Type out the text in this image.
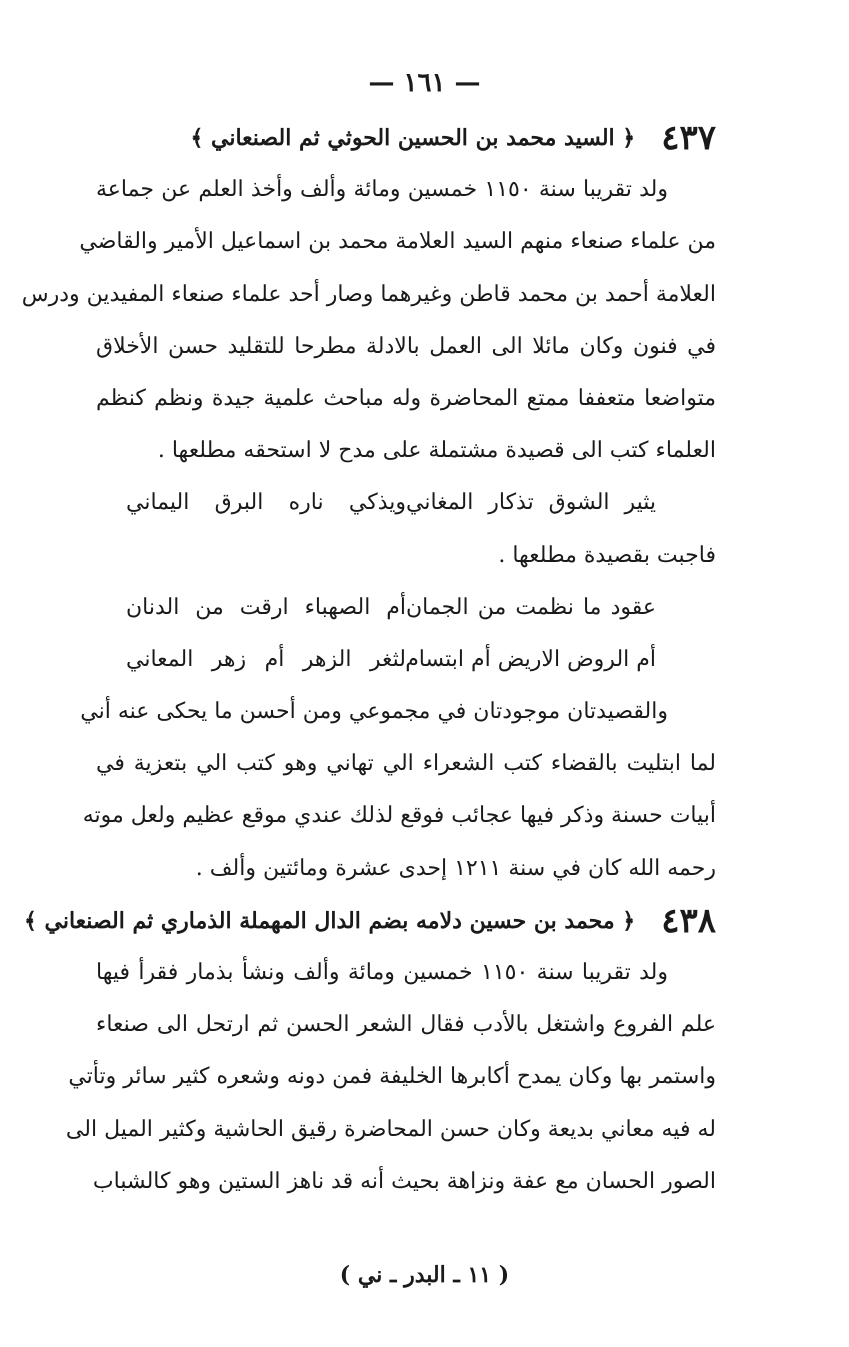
— ١٦١ —
٤٣٧
﴿ السيد محمد بن الحسين الحوثي ثم الصنعاني ﴾
ولد تقريبا سنة ١١٥٠ خمسين ومائة وألف وأخذ العلم عن جماعة
من علماء صنعاء منهم السيد العلامة محمد بن اسماعيل الأمير والقاضي
العلامة أحمد بن محمد قاطن وغيرهما وصار أحد علماء صنعاء المفيدين ودرس
في فنون وكان مائلا الى العمل بالادلة مطرحا للتقليد حسن الأخلاق
متواضعا متعففا ممتع المحاضرة وله مباحث علمية جيدة ونظم كنظم
العلماء كتب الى قصيدة مشتملة على مدح لا استحقه مطلعها .
يثير الشوق تذكار المغاني
ويذكي ناره البرق اليماني
فاجبت بقصيدة مطلعها .
عقود ما نظمت من الجمان
أم الصهباء ارقت من الدنان
أم الروض الاريض أم ابتسام
لثغر الزهر أم زهر المعاني
والقصيدتان موجودتان في مجموعي ومن أحسن ما يحكى عنه أني
لما ابتليت بالقضاء كتب الشعراء الي تهاني وهو كتب الي بتعزية في
أبيات حسنة وذكر فيها عجائب فوقع لذلك عندي موقع عظيم ولعل موته
رحمه الله كان في سنة ١٢١١ إحدى عشرة ومائتين وألف .
٤٣٨
﴿ محمد بن حسين دلامه بضم الدال المهملة الذماري ثم الصنعاني ﴾
ولد تقريبا سنة ١١٥٠ خمسين ومائة وألف ونشأ بذمار فقرأ فيها
علم الفروع واشتغل بالأدب فقال الشعر الحسن ثم ارتحل الى صنعاء
واستمر بها وكان يمدح أكابرها الخليفة فمن دونه وشعره كثير سائر وتأتي
له فيه معاني بديعة وكان حسن المحاضرة رقيق الحاشية وكثير الميل الى
الصور الحسان مع عفة ونزاهة بحيث أنه قد ناهز الستين وهو كالشباب
( ١١ ـ البدر ـ ني )
